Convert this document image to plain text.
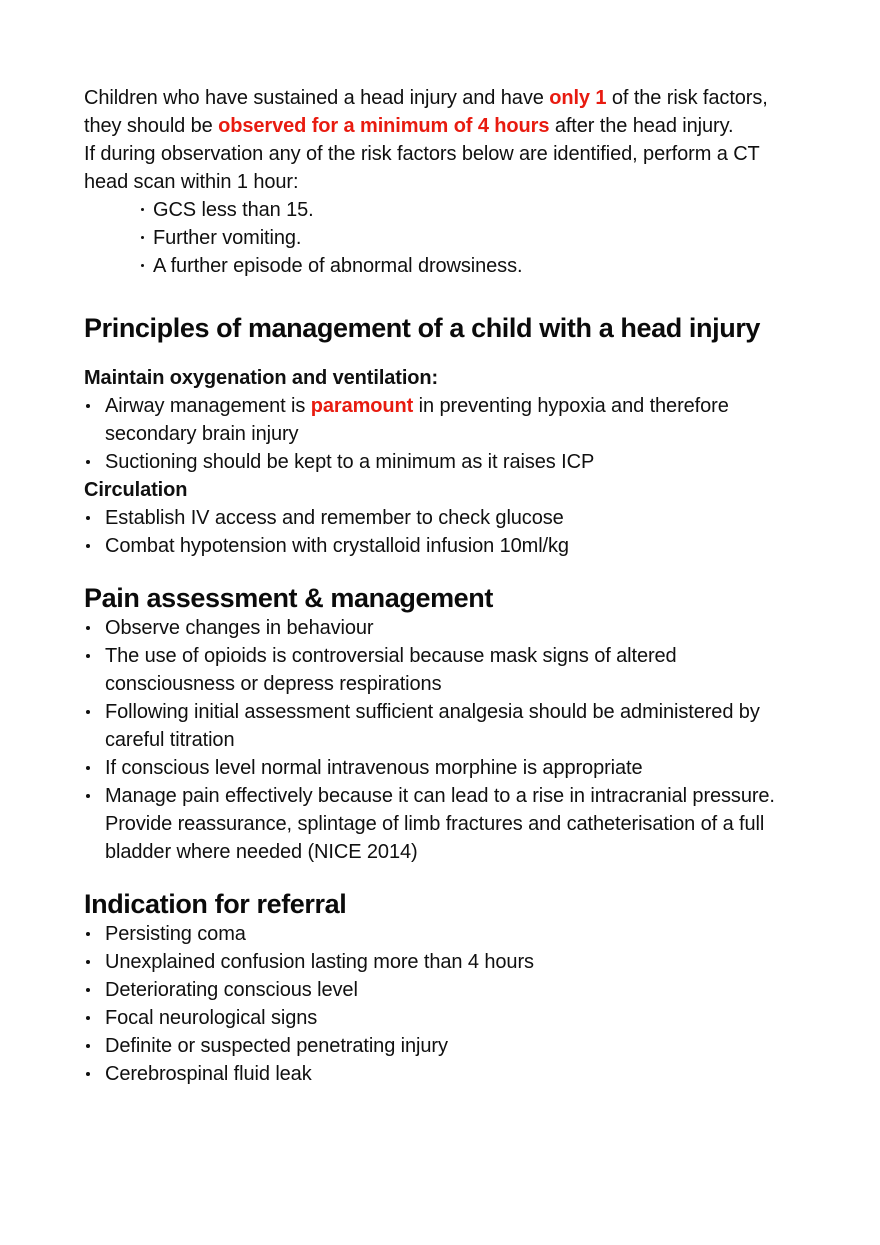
Children who have sustained a head injury and have only 1 of the risk factors, they should be observed for a minimum of 4 hours after the head injury.

If during observation any of the risk factors below are identified, perform a CT head scan within 1 hour:

GCS less than 15.
Further vomiting.
A further episode of abnormal drowsiness.
Principles of management of a child with a head injury

Maintain oxygenation and ventilation:

Airway management is paramount in preventing hypoxia and therefore secondary brain injury
Suctioning should be kept to a minimum as it raises ICP

Circulation

Establish IV access and remember to check glucose
Combat hypotension with crystalloid infusion 10ml/kg
Pain assessment & management
Observe changes in behaviour
The use of opioids is controversial because mask signs of altered consciousness or depress respirations
Following initial assessment sufficient analgesia should be administered by careful titration
If conscious level normal intravenous morphine is appropriate
Manage pain effectively because it can lead to a rise in intracranial pressure. Provide reassurance, splintage of limb fractures and catheterisation of a full bladder where needed (NICE 2014)
Indication for referral
Persisting coma
Unexplained confusion lasting more than 4 hours
Deteriorating conscious level
Focal neurological signs
Definite or suspected penetrating injury
Cerebrospinal fluid leak
